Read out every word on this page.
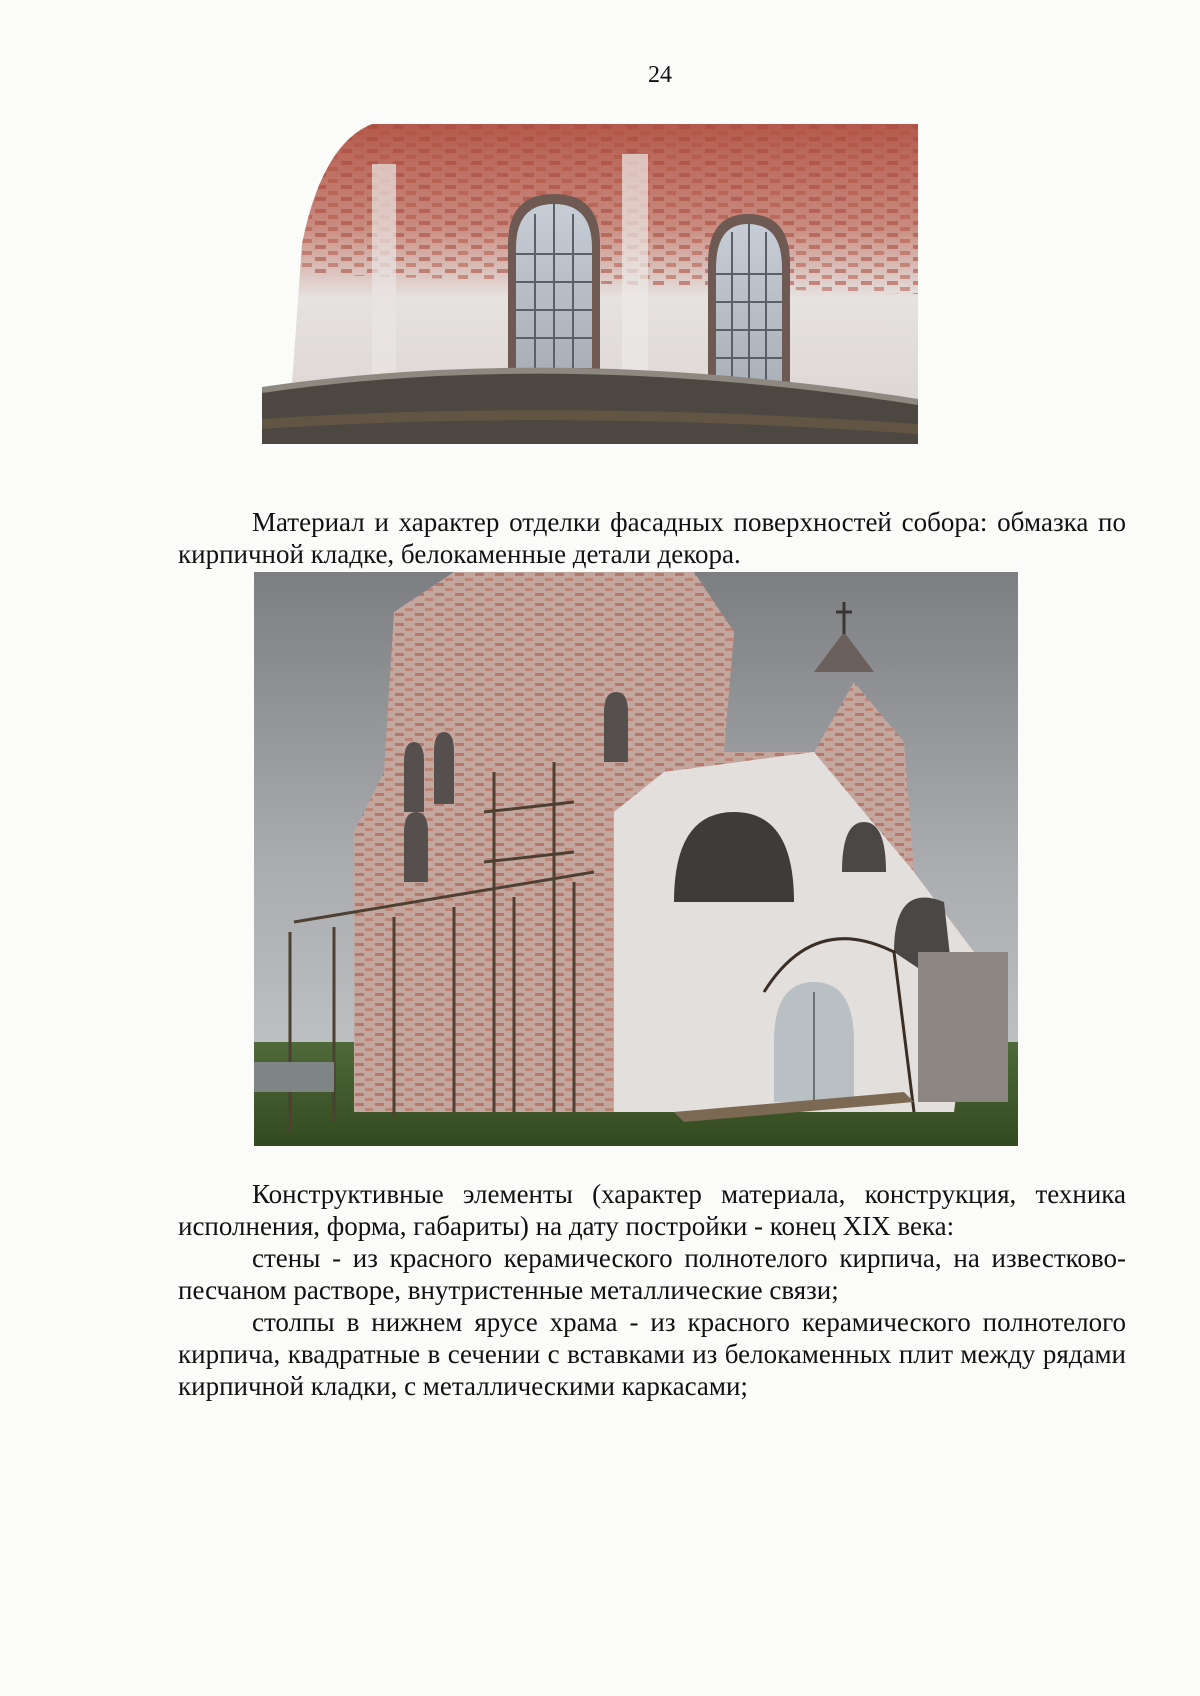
24

Материал и характер отделки фасадных поверхностей собора: обмазка по кирпичной кладке, белокаменные детали декора.

Конструктивные элементы (характер материала, конструкция, техника исполнения, форма, габариты) на дату постройки - конец XIX века:

стены - из красного керамического полнотелого кирпича, на известково-песчаном растворе, внутристенные металлические связи;

столпы в нижнем ярусе храма - из красного керамического полнотелого кирпича, квадратные в сечении с вставками из белокаменных плит между рядами кирпичной кладки, с металлическими каркасами;
